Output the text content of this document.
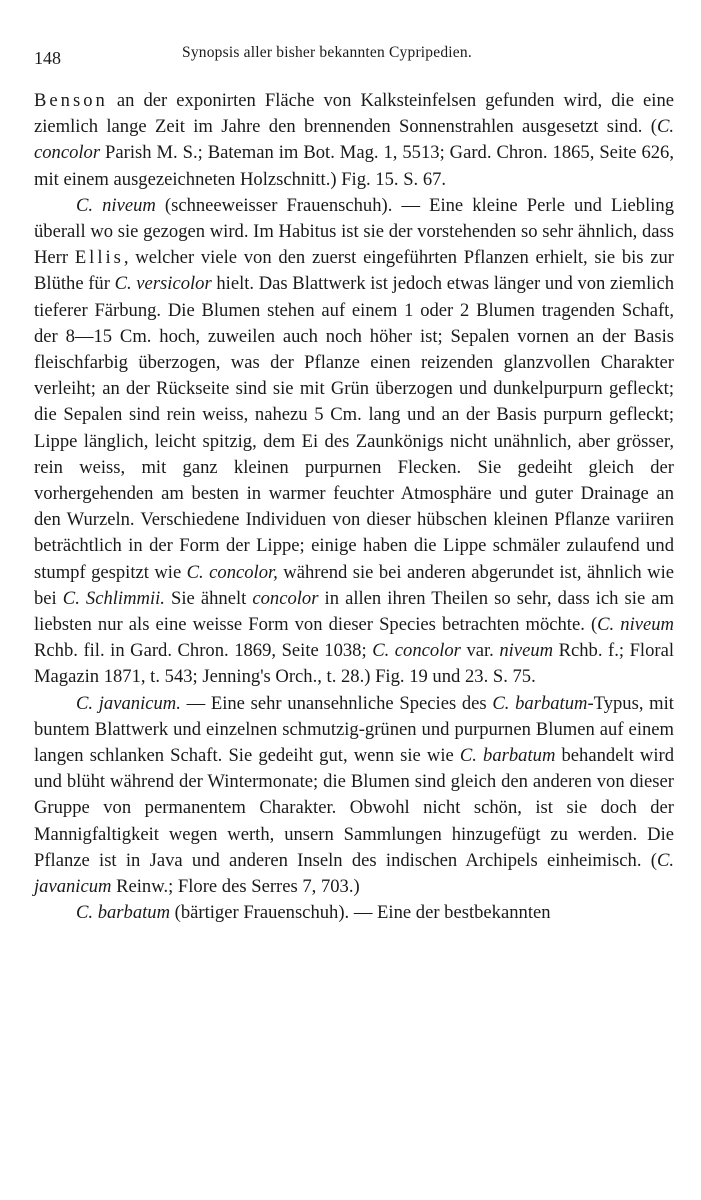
148	Synopsis aller bisher bekannten Cypripedien.

Benson an der exponirten Fläche von Kalksteinfelsen gefunden wird, die eine ziemlich lange Zeit im Jahre den brennenden Sonnenstrahlen ausgesetzt sind. (C. concolor Parish M. S.; Bateman im Bot. Mag. 1, 5513; Gard. Chron. 1865, Seite 626, mit einem ausgezeichneten Holzschnitt.) Fig. 15. S. 67.

C. niveum (schneeweisser Frauenschuh). — Eine kleine Perle und Liebling überall wo sie gezogen wird. Im Habitus ist sie der vorstehenden so sehr ähnlich, dass Herr Ellis, welcher viele von den zuerst eingeführten Pflanzen erhielt, sie bis zur Blüthe für C. versicolor hielt. Das Blattwerk ist jedoch etwas länger und von ziemlich tieferer Färbung. Die Blumen stehen auf einem 1 oder 2 Blumen tragenden Schaft, der 8—15 Cm. hoch, zuweilen auch noch höher ist; Sepalen vornen an der Basis fleischfarbig überzogen, was der Pflanze einen reizenden glanzvollen Charakter verleiht; an der Rückseite sind sie mit Grün überzogen und dunkelpurpurn gefleckt; die Sepalen sind rein weiss, nahezu 5 Cm. lang und an der Basis purpurn gefleckt; Lippe länglich, leicht spitzig, dem Ei des Zaunkönigs nicht unähnlich, aber grösser, rein weiss, mit ganz kleinen purpurnen Flecken. Sie gedeiht gleich der vorhergehenden am besten in warmer feuchter Atmosphäre und guter Drainage an den Wurzeln. Verschiedene Individuen von dieser hübschen kleinen Pflanze variiren beträchtlich in der Form der Lippe; einige haben die Lippe schmäler zulaufend und stumpf gespitzt wie C. concolor, während sie bei anderen abgerundet ist, ähnlich wie bei C. Schlimmii. Sie ähnelt concolor in allen ihren Theilen so sehr, dass ich sie am liebsten nur als eine weisse Form von dieser Species betrachten möchte. (C. niveum Rchb. fil. in Gard. Chron. 1869, Seite 1038; C. concolor var. niveum Rchb. f.; Floral Magazin 1871, t. 543; Jenning's Orch., t. 28.) Fig. 19 und 23. S. 75.

C. javanicum. — Eine sehr unansehnliche Species des C. barbatum-Typus, mit buntem Blattwerk und einzelnen schmutzig-grünen und purpurnen Blumen auf einem langen schlanken Schaft. Sie gedeiht gut, wenn sie wie C. barbatum behandelt wird und blüht während der Wintermonate; die Blumen sind gleich den anderen von dieser Gruppe von permanentem Charakter. Obwohl nicht schön, ist sie doch der Mannigfaltigkeit wegen werth, unsern Sammlungen hinzugefügt zu werden. Die Pflanze ist in Java und anderen Inseln des indischen Archipels einheimisch. (C. javanicum Reinw.; Flore des Serres 7, 703.)

C. barbatum (bärtiger Frauenschuh). — Eine der bestbekannten
